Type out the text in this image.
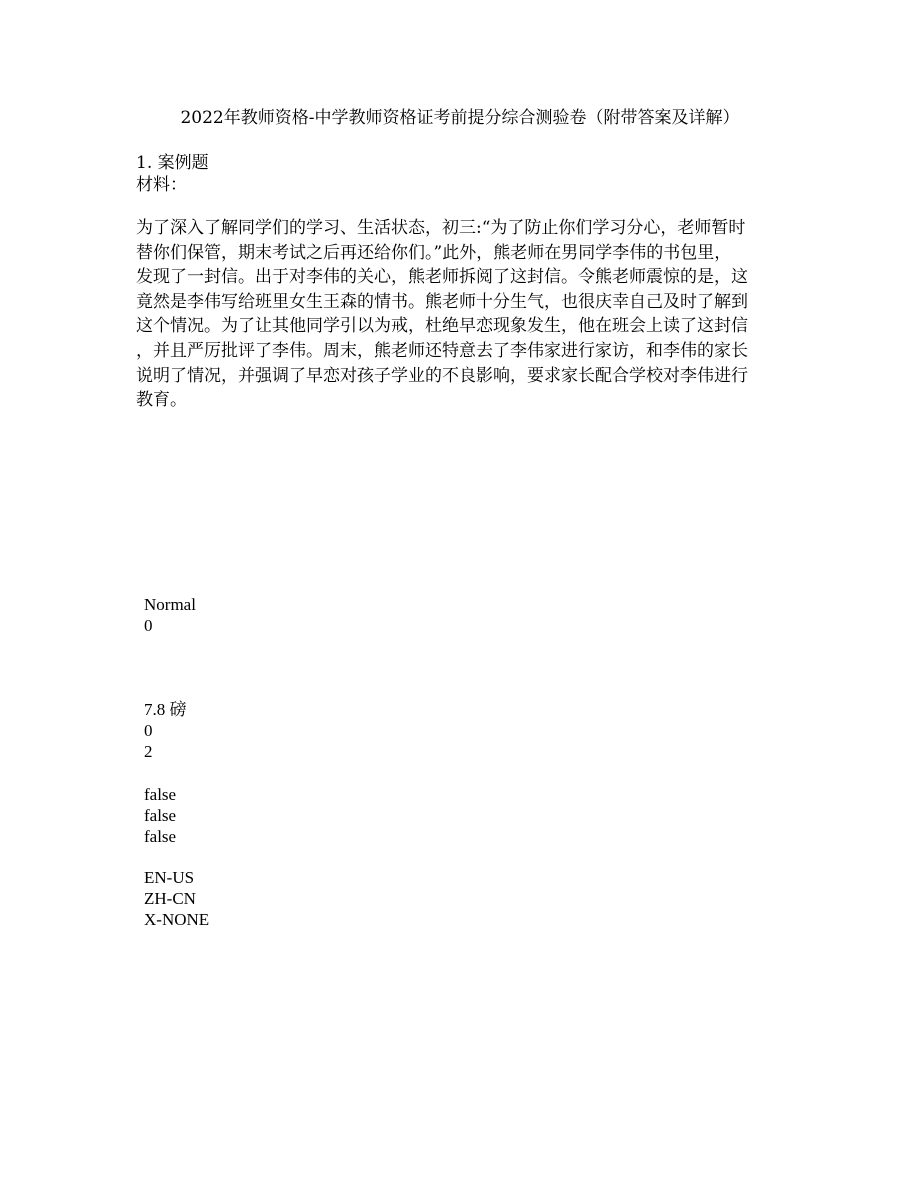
2022年教师资格-中学教师资格证考前提分综合测验卷（附带答案及详解）
1. 案例题
材料：
为了深入了解同学们的学习、生活状态，初三:“为了防止你们学习分心，老师暂时
替你们保管，期末考试之后再还给你们。”此外，熊老师在男同学李伟的书包里，
发现了一封信。出于对李伟的关心，熊老师拆阅了这封信。令熊老师震惊的是，这
竟然是李伟写给班里女生王森的情书。熊老师十分生气，也很庆幸自己及时了解到
这个情况。为了让其他同学引以为戒，杜绝早恋现象发生，他在班会上读了这封信
，并且严厉批评了李伟。周末，熊老师还特意去了李伟家进行家访，和李伟的家长
说明了情况，并强调了早恋对孩子学业的不良影响，要求家长配合学校对李伟进行
教育。
Normal
0
7.8 磅
0
2
false
false
false
EN-US
ZH-CN
X-NONE
